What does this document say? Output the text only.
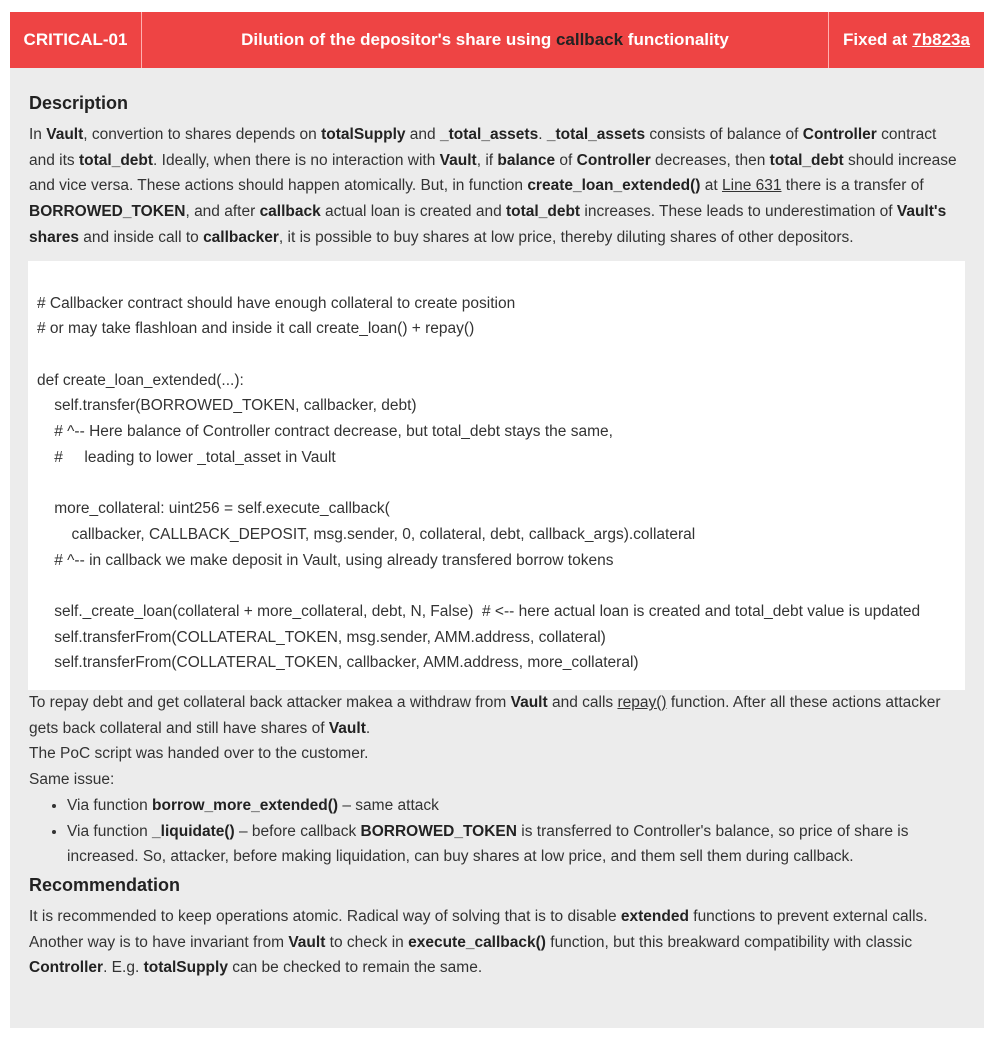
CRITICAL-01	Dilution of the depositor's share using callback functionality	Fixed at 7b823a
Description

In Vault, convertion to shares depends on totalSupply and _total_assets. _total_assets consists of balance of Controller contract and its total_debt. Ideally, when there is no interaction with Vault, if balance of Controller decreases, then total_debt should increase and vice versa. These actions should happen atomically. But, in function create_loan_extended() at Line 631 there is a transfer of BORROWED_TOKEN, and after callback actual loan is created and total_debt increases. These leads to underestimation of Vault's shares and inside call to callbacker, it is possible to buy shares at low price, thereby diluting shares of other depositors.

# Callbacker contract should have enough collateral to create position
# or may take flashloan and inside it call create_loan() + repay()

def create_loan_extended(...):
self.transfer(BORROWED_TOKEN, callbacker, debt)
# ^-- Here balance of Controller contract decrease, but total_debt stays the same,
#     leading to lower _total_asset in Vault

more_collateral: uint256 = self.execute_callback(
callbacker, CALLBACK_DEPOSIT, msg.sender, 0, collateral, debt, callback_args).collateral
# ^-- in callback we make deposit in Vault, using already transfered borrow tokens

self._create_loan(collateral + more_collateral, debt, N, False)  # <-- here actual loan is created and total_debt value is updated
self.transferFrom(COLLATERAL_TOKEN, msg.sender, AMM.address, collateral)
self.transferFrom(COLLATERAL_TOKEN, callbacker, AMM.address, more_collateral)

To repay debt and get collateral back attacker makea a withdraw from Vault and calls repay() function. After all these actions attacker gets back collateral and still have shares of Vault.

The PoC script was handed over to the customer.

Same issue:

• Via function borrow_more_extended() – same attack
• Via function _liquidate() – before callback BORROWED_TOKEN is transferred to Controller's balance, so price of share is increased. So, attacker, before making liquidation, can buy shares at low price, and them sell them during callback.
Recommendation

It is recommended to keep operations atomic. Radical way of solving that is to disable extended functions to prevent external calls. Another way is to have invariant from Vault to check in execute_callback() function, but this breakward compatibility with classic Controller. E.g. totalSupply can be checked to remain the same.
